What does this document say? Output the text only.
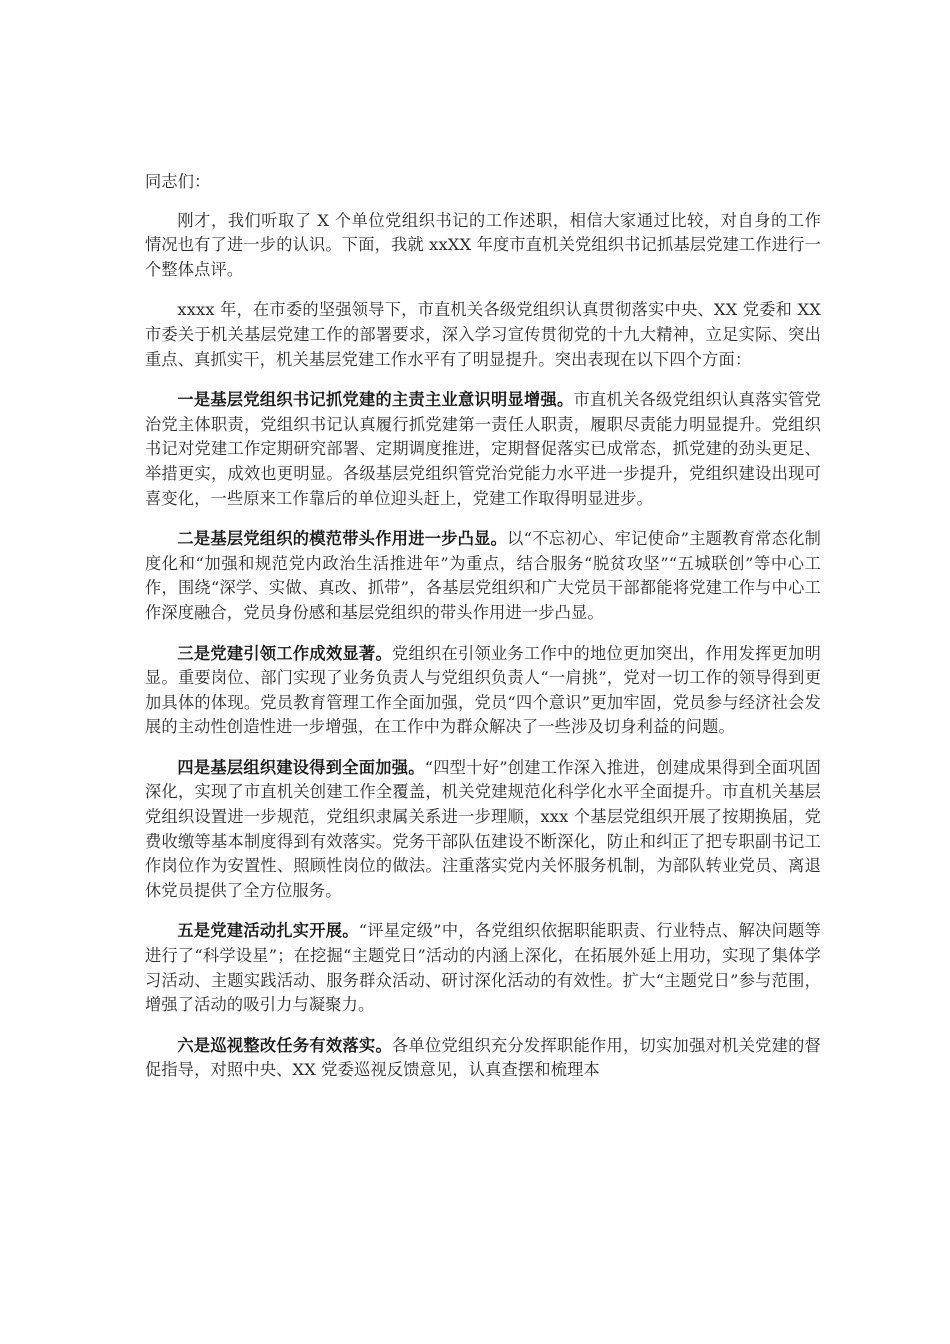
同志们：

刚才，我们听取了 X 个单位党组织书记的工作述职，相信大家通过比较，对自身的工作情况也有了进一步的认识。下面，我就 xxXX 年度市直机关党组织书记抓基层党建工作进行一个整体点评。

xxxx 年，在市委的坚强领导下，市直机关各级党组织认真贯彻落实中央、XX 党委和 XX 市委关于机关基层党建工作的部署要求，深入学习宣传贯彻党的十九大精神，立足实际、突出重点、真抓实干，机关基层党建工作水平有了明显提升。突出表现在以下四个方面：

一是基层党组织书记抓党建的主责主业意识明显增强。市直机关各级党组织认真落实管党治党主体职责，党组织书记认真履行抓党建第一责任人职责，履职尽责能力明显提升。党组织书记对党建工作定期研究部署、定期调度推进，定期督促落实已成常态，抓党建的劲头更足、举措更实，成效也更明显。各级基层党组织管党治党能力水平进一步提升，党组织建设出现可喜变化，一些原来工作靠后的单位迎头赶上，党建工作取得明显进步。

二是基层党组织的模范带头作用进一步凸显。以“不忘初心、牢记使命”主题教育常态化制度化和“加强和规范党内政治生活推进年”为重点，结合服务“脱贫攻坚”“五城联创”等中心工作，围绕“深学、实做、真改、抓带”，各基层党组织和广大党员干部都能将党建工作与中心工作深度融合，党员身份感和基层党组织的带头作用进一步凸显。

三是党建引领工作成效显著。党组织在引领业务工作中的地位更加突出，作用发挥更加明显。重要岗位、部门实现了业务负责人与党组织负责人“一肩挑”，党对一切工作的领导得到更加具体的体现。党员教育管理工作全面加强，党员“四个意识”更加牢固，党员参与经济社会发展的主动性创造性进一步增强，在工作中为群众解决了一些涉及切身利益的问题。

四是基层组织建设得到全面加强。“四型十好”创建工作深入推进，创建成果得到全面巩固深化，实现了市直机关创建工作全覆盖，机关党建规范化科学化水平全面提升。市直机关基层党组织设置进一步规范，党组织隶属关系进一步理顺，xxx 个基层党组织开展了按期换届，党费收缴等基本制度得到有效落实。党务干部队伍建设不断深化，防止和纠正了把专职副书记工作岗位作为安置性、照顾性岗位的做法。注重落实党内关怀服务机制，为部队转业党员、离退休党员提供了全方位服务。

五是党建活动扎实开展。“评星定级”中，各党组织依据职能职责、行业特点、解决问题等进行了“科学设星”；在挖掘“主题党日”活动的内涵上深化，在拓展外延上用功，实现了集体学习活动、主题实践活动、服务群众活动、研讨深化活动的有效性。扩大“主题党日”参与范围，增强了活动的吸引力与凝聚力。

六是巡视整改任务有效落实。各单位党组织充分发挥职能作用，切实加强对机关党建的督促指导，对照中央、XX 党委巡视反馈意见，认真查摆和梳理本
